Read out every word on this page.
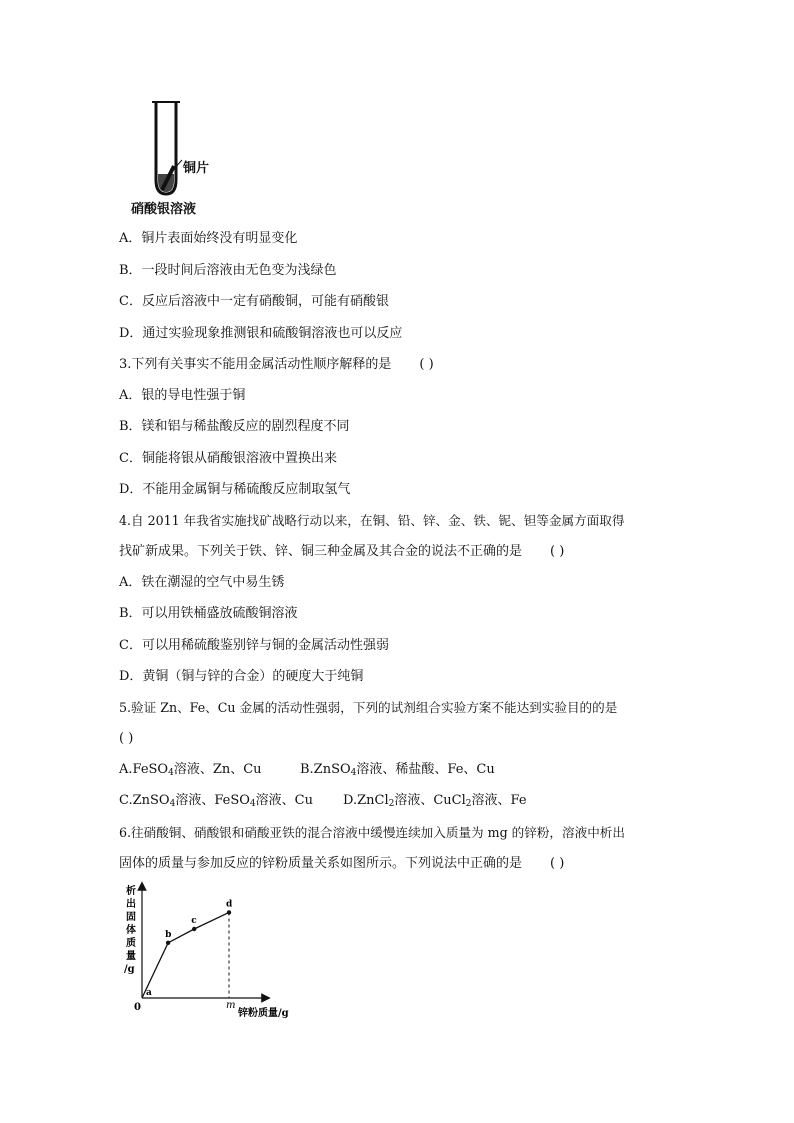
铜片
硝酸银溶液
A．铜片表面始终没有明显变化
B．一段时间后溶液由无色变为浅绿色
C．反应后溶液中一定有硝酸铜，可能有硝酸银
D．通过实验现象推测银和硫酸铜溶液也可以反应
3.下列有关事实不能用金属活动性顺序解释的是 ( )
A．银的导电性强于铜
B．镁和铝与稀盐酸反应的剧烈程度不同
C．铜能将银从硝酸银溶液中置换出来
D．不能用金属铜与稀硫酸反应制取氢气
4.自 2011 年我省实施找矿战略行动以来，在铜、铅、锌、金、铁、铌、钽等金属方面取得
找矿新成果。下列关于铁、锌、铜三种金属及其合金的说法不正确的是 ( )
A．铁在潮湿的空气中易生锈
B．可以用铁桶盛放硫酸铜溶液
C．可以用稀硫酸鉴别锌与铜的金属活动性强弱
D．黄铜（铜与锌的合金）的硬度大于纯铜
5.验证 Zn、Fe、Cu 金属的活动性强弱，下列的试剂组合实验方案不能达到实验目的的是
( )
A.FeSO$_4$溶液、Zn、Cu	B.ZnSO$_4$溶液、稀盐酸、Fe、Cu
C.ZnSO$_4$溶液、FeSO$_4$溶液、Cu D.ZnCl$_2$溶液、CuCl$_2$溶液、Fe
6.往硝酸铜、硝酸银和硝酸亚铁的混合溶液中缓慢连续加入质量为 mg 的锌粉，溶液中析出
固体的质量与参加反应的锌粉质量关系如图所示。下列说法中正确的是 ( )
析
出
固
体
质
量
/g
锌粉质量/g
0	m
a
b
c
d
